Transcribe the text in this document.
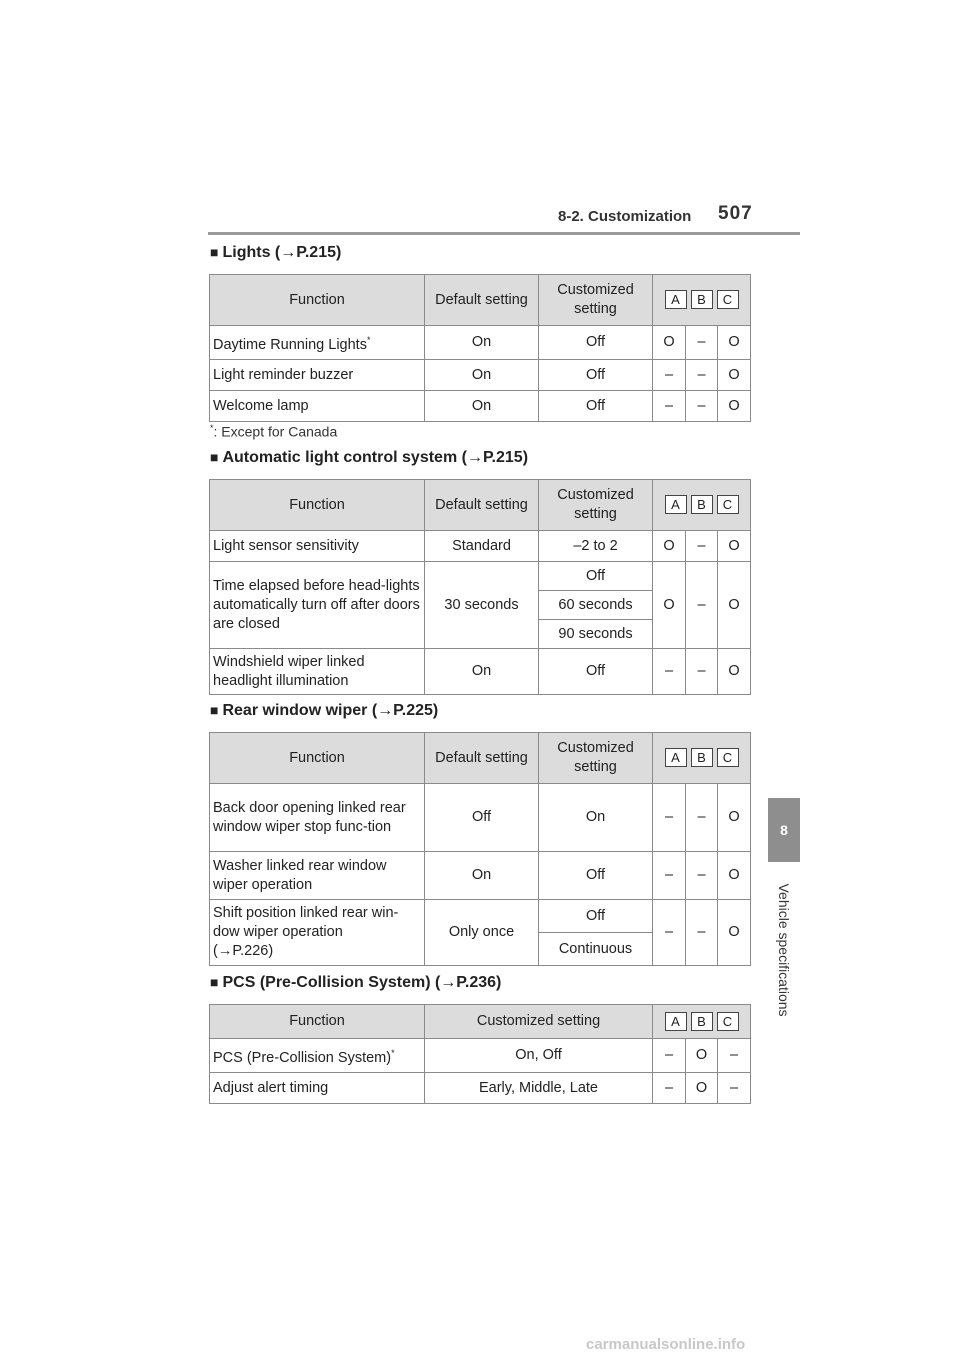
8-2. Customization 507
8
Vehicle specifications
■ Lights (→P.215)
Function	Default setting	Customized setting	A B C		
Daytime Running Lights*	On	Off	O	–	O
Light reminder buzzer	On	Off	–	–	O
Welcome lamp	On	Off	–	–	O
*: Except for Canada
■ Automatic light control system (→P.215)
Function	Default setting	Customized setting	A B C		
Light sensor sensitivity	Standard	–2 to 2	O	–	O
Time elapsed before head-lights automatically turn off after doors are closed	30 seconds	Off	O	–	O
		60 seconds			
		90 seconds			
Windshield wiper linked headlight illumination	On	Off	–	–	O
■ Rear window wiper (→P.225)
Function	Default setting	Customized setting	A B C		
Back door opening linked rear window wiper stop func-tion	Off	On	–	–	O
Washer linked rear window wiper operation	On	Off	–	–	O
Shift position linked rear win-dow wiper operation
(→P.226)	Only once	Off	–	–	O
		Continuous			
■ PCS (Pre-Collision System) (→P.236)
Function	Customized setting	A B C		
PCS (Pre-Collision System)*	On, Off	–	O	–
Adjust alert timing	Early, Middle, Late	–	O	–
carmanualsonline.info
